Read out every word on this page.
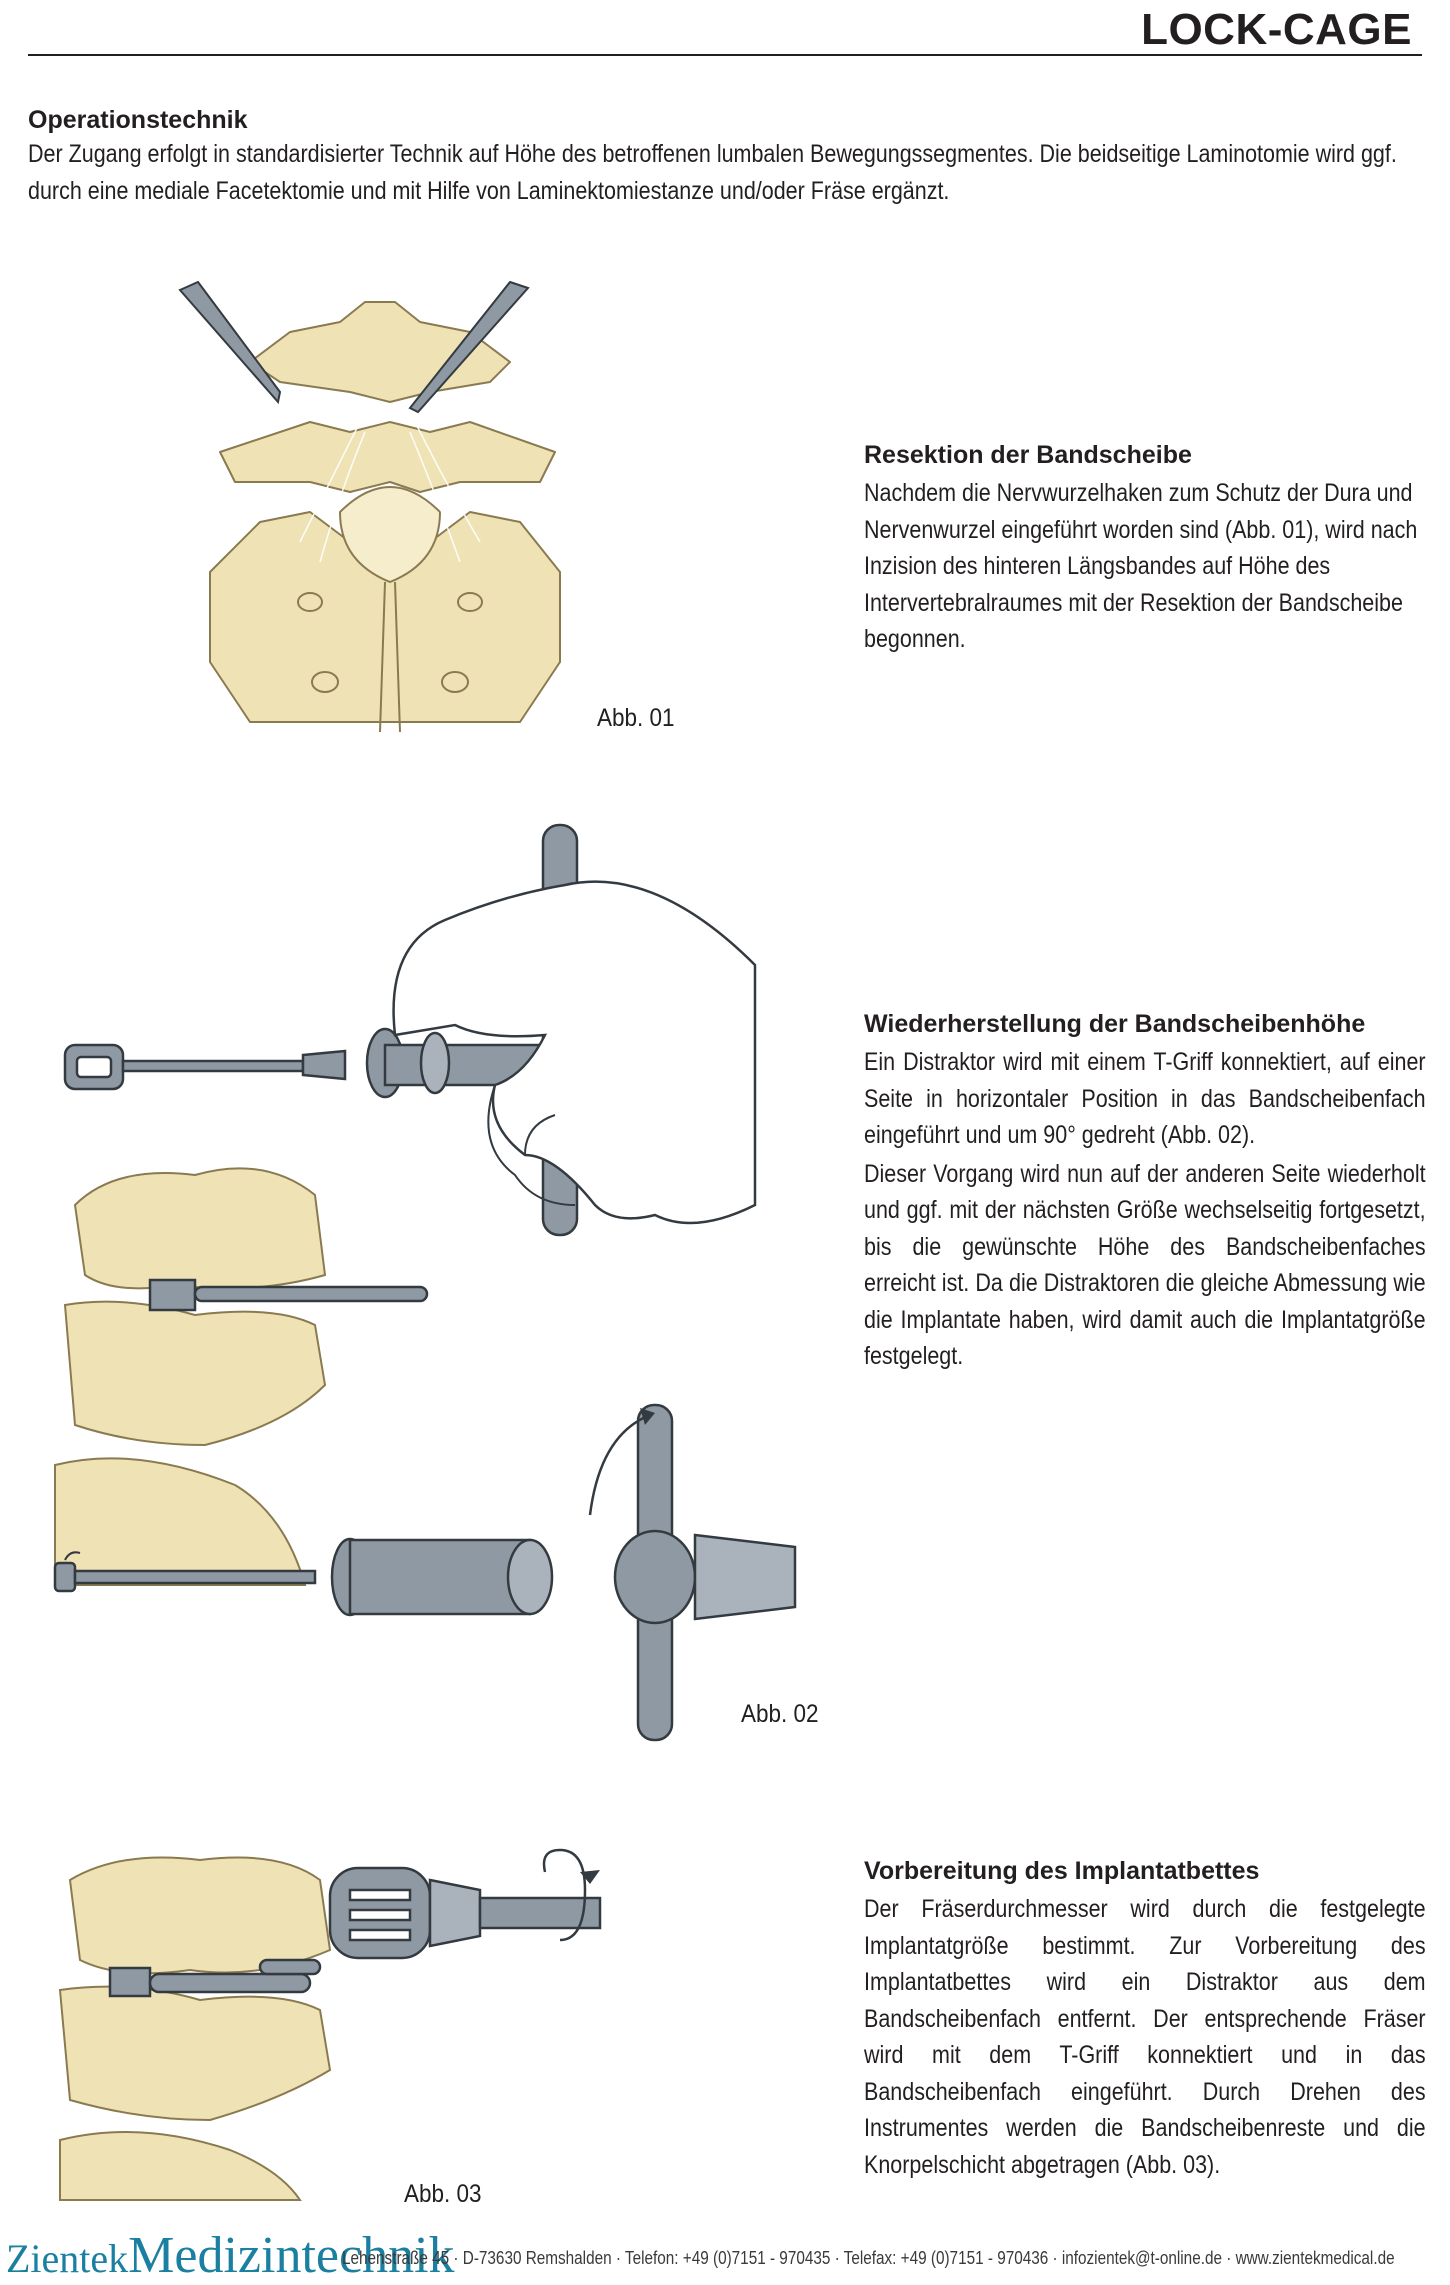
LOCK-CAGE
Operationstechnik

Der Zugang erfolgt in standardisierter Technik auf Höhe des betroffenen lumbalen Bewegungssegmentes. Die beidseitige Laminotomie wird ggf. durch eine mediale Facetektomie und mit Hilfe von Laminektomiestanze und/oder Fräse ergänzt.

Abb. 01
Resektion der Bandscheibe

Nachdem die Nervwurzelhaken zum Schutz der Dura und Nervenwurzel eingeführt worden sind (Abb. 01), wird nach Inzision des hinteren Längsbandes auf Höhe des Intervertebralraumes mit der Resektion der Bandscheibe begonnen.

Abb. 02
Wiederherstellung der Bandscheibenhöhe

Ein Distraktor wird mit einem T-Griff konnektiert, auf einer Seite in horizontaler Position in das Bandscheibenfach eingeführt und um 90° gedreht (Abb. 02).

Dieser Vorgang wird nun auf der anderen Seite wiederholt und ggf. mit der nächsten Größe wechselseitig fortgesetzt, bis die gewünschte Höhe des Bandscheibenfaches erreicht ist. Da die Distraktoren die gleiche Abmessung wie die Implantate haben, wird damit auch die Implantatgröße festgelegt.

Abb. 03
Vorbereitung des Implantatbettes

Der Fräserdurchmesser wird durch die festgelegte Implantatgröße bestimmt. Zur Vorbereitung des Implantatbettes wird ein Distraktor aus dem Bandscheibenfach entfernt. Der entsprechende Fräser wird mit dem T-Griff konnektiert und in das Bandscheibenfach eingeführt. Durch Drehen des Instrumentes werden die Bandscheibenreste und die Knorpelschicht abgetragen (Abb. 03).

ZientekMedizintechnik
Lehenstraße 45 · D-73630 Remshalden · Telefon: +49 (0)7151 - 970435 · Telefax: +49 (0)7151 - 970436 · infozientek@t-online.de · www.zientekmedical.de
